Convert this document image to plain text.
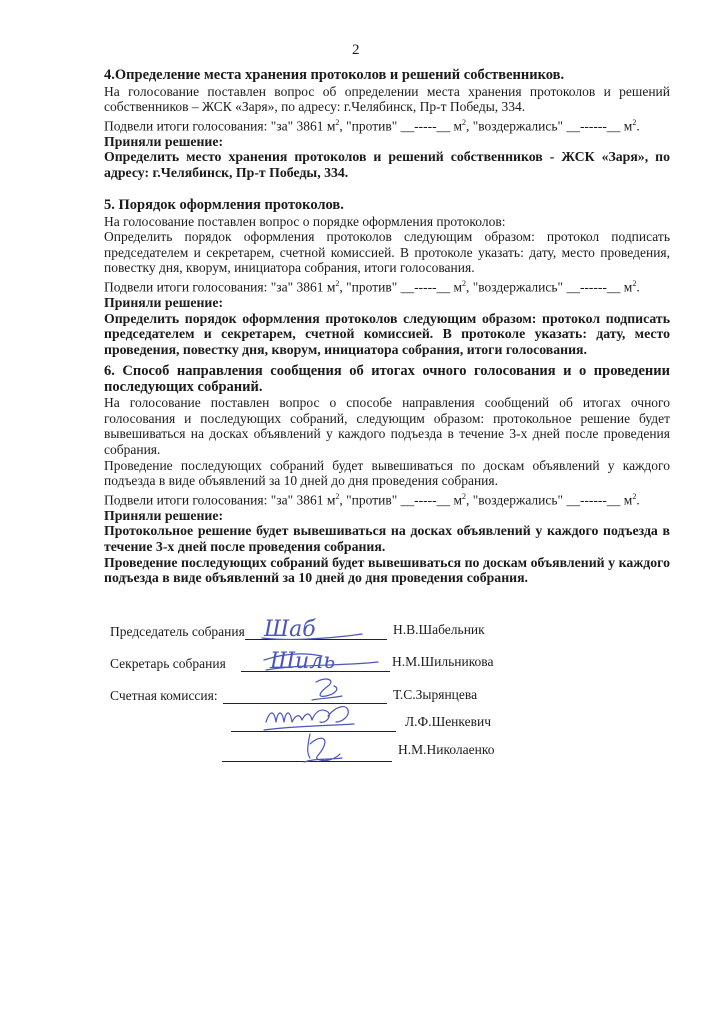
2
4.Определение места хранения протоколов и решений собственников.
На голосование поставлен вопрос об определении места хранения протоколов и решений
собственников – ЖСК «Заря», по адресу: г.Челябинск, Пр-т Победы, 334.
Подвели итоги голосования: "за" 3861 $м^2$, "против" __-----__ $м^2$, "воздержались" __------__ $м^2$.
Приняли решение:
Определить место хранения протоколов и решений собственников - ЖСК «Заря», по
адресу: г.Челябинск, Пр-т Победы, 334.
5. Порядок оформления протоколов.
На голосование поставлен вопрос о порядке оформления протоколов:
Определить порядок оформления протоколов следующим образом: протокол подписать
председателем и секретарем, счетной комиссией. В протоколе указать: дату, место проведения,
повестку дня, кворум, инициатора собрания, итоги голосования.
Подвели итоги голосования: "за" 3861 $м^2$, "против" __-----__ $м^2$, "воздержались" __------__ $м^2$.
Приняли решение:
Определить порядок оформления протоколов следующим образом: протокол подписать
председателем и секретарем, счетной комиссией. В протоколе указать: дату, место
проведения, повестку дня, кворум, инициатора собрания, итоги голосования.
6. Способ направления сообщения об итогах очного голосования и о проведении
последующих собраний.
На голосование поставлен вопрос о способе направления сообщений об итогах очного
голосования и последующих собраний, следующим образом: протокольное решение будет
вывешиваться на досках объявлений у каждого подъезда в течение 3-х дней после проведения
собрания.
Проведение последующих собраний будет вывешиваться по доскам объявлений у каждого
подъезда в виде объявлений за 10 дней до дня проведения собрания.
Подвели итоги голосования: "за" 3861 $м^2$, "против" __-----__ $м^2$, "воздержались" __------__ $м^2$.
Приняли решение:
Протокольное решение будет вывешиваться на досках объявлений у каждого подъезда в
течение 3-х дней после проведения собрания.
Проведение последующих собраний будет вывешиваться по доскам объявлений у каждого
подъезда в виде объявлений за 10 дней до дня проведения собрания.
Председатель собрания Шаб	Н.В.Шабельник
Секретарь собрания Шиль	Н.М.Шильникова
Счетная комиссия:	Т.С.Зырянцева
Л.Ф.Шенкевич
Н.М.Николаенко
